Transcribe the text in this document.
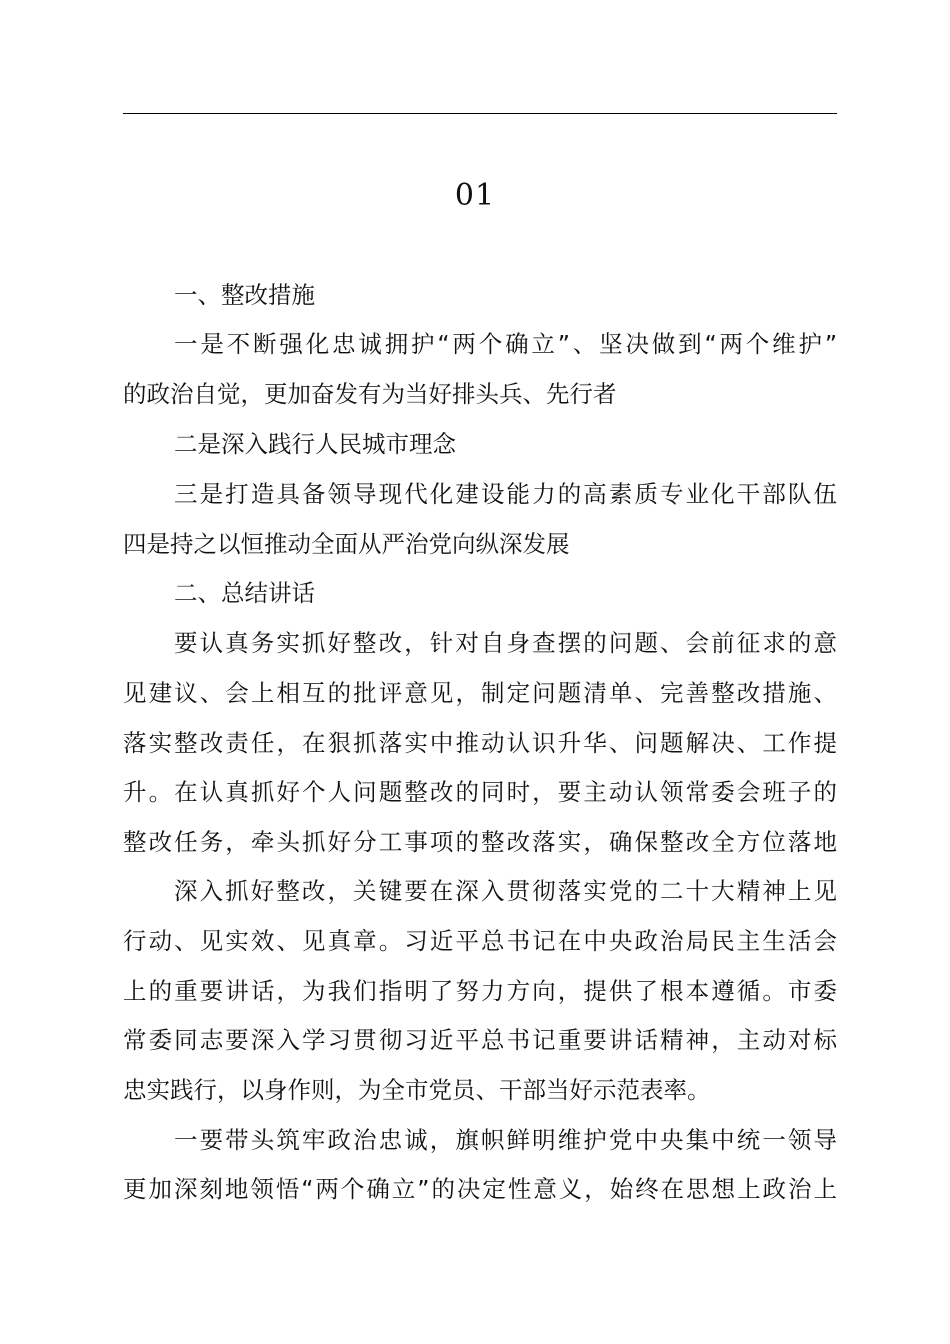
01
一、整改措施
一是不断强化忠诚拥护“两个确立”、坚决做到“两个维护”
的政治自觉，更加奋发有为当好排头兵、先行者
二是深入践行人民城市理念
三是打造具备领导现代化建设能力的高素质专业化干部队伍
四是持之以恒推动全面从严治党向纵深发展
二、总结讲话
要认真务实抓好整改，针对自身查摆的问题、会前征求的意
见建议、会上相互的批评意见，制定问题清单、完善整改措施、
落实整改责任，在狠抓落实中推动认识升华、问题解决、工作提
升。在认真抓好个人问题整改的同时，要主动认领常委会班子的
整改任务，牵头抓好分工事项的整改落实，确保整改全方位落地
深入抓好整改，关键要在深入贯彻落实党的二十大精神上见
行动、见实效、见真章。习近平总书记在中央政治局民主生活会
上的重要讲话，为我们指明了努力方向，提供了根本遵循。市委
常委同志要深入学习贯彻习近平总书记重要讲话精神，主动对标
忠实践行，以身作则，为全市党员、干部当好示范表率。
一要带头筑牢政治忠诚，旗帜鲜明维护党中央集中统一领导
更加深刻地领悟“两个确立”的决定性意义，始终在思想上政治上
